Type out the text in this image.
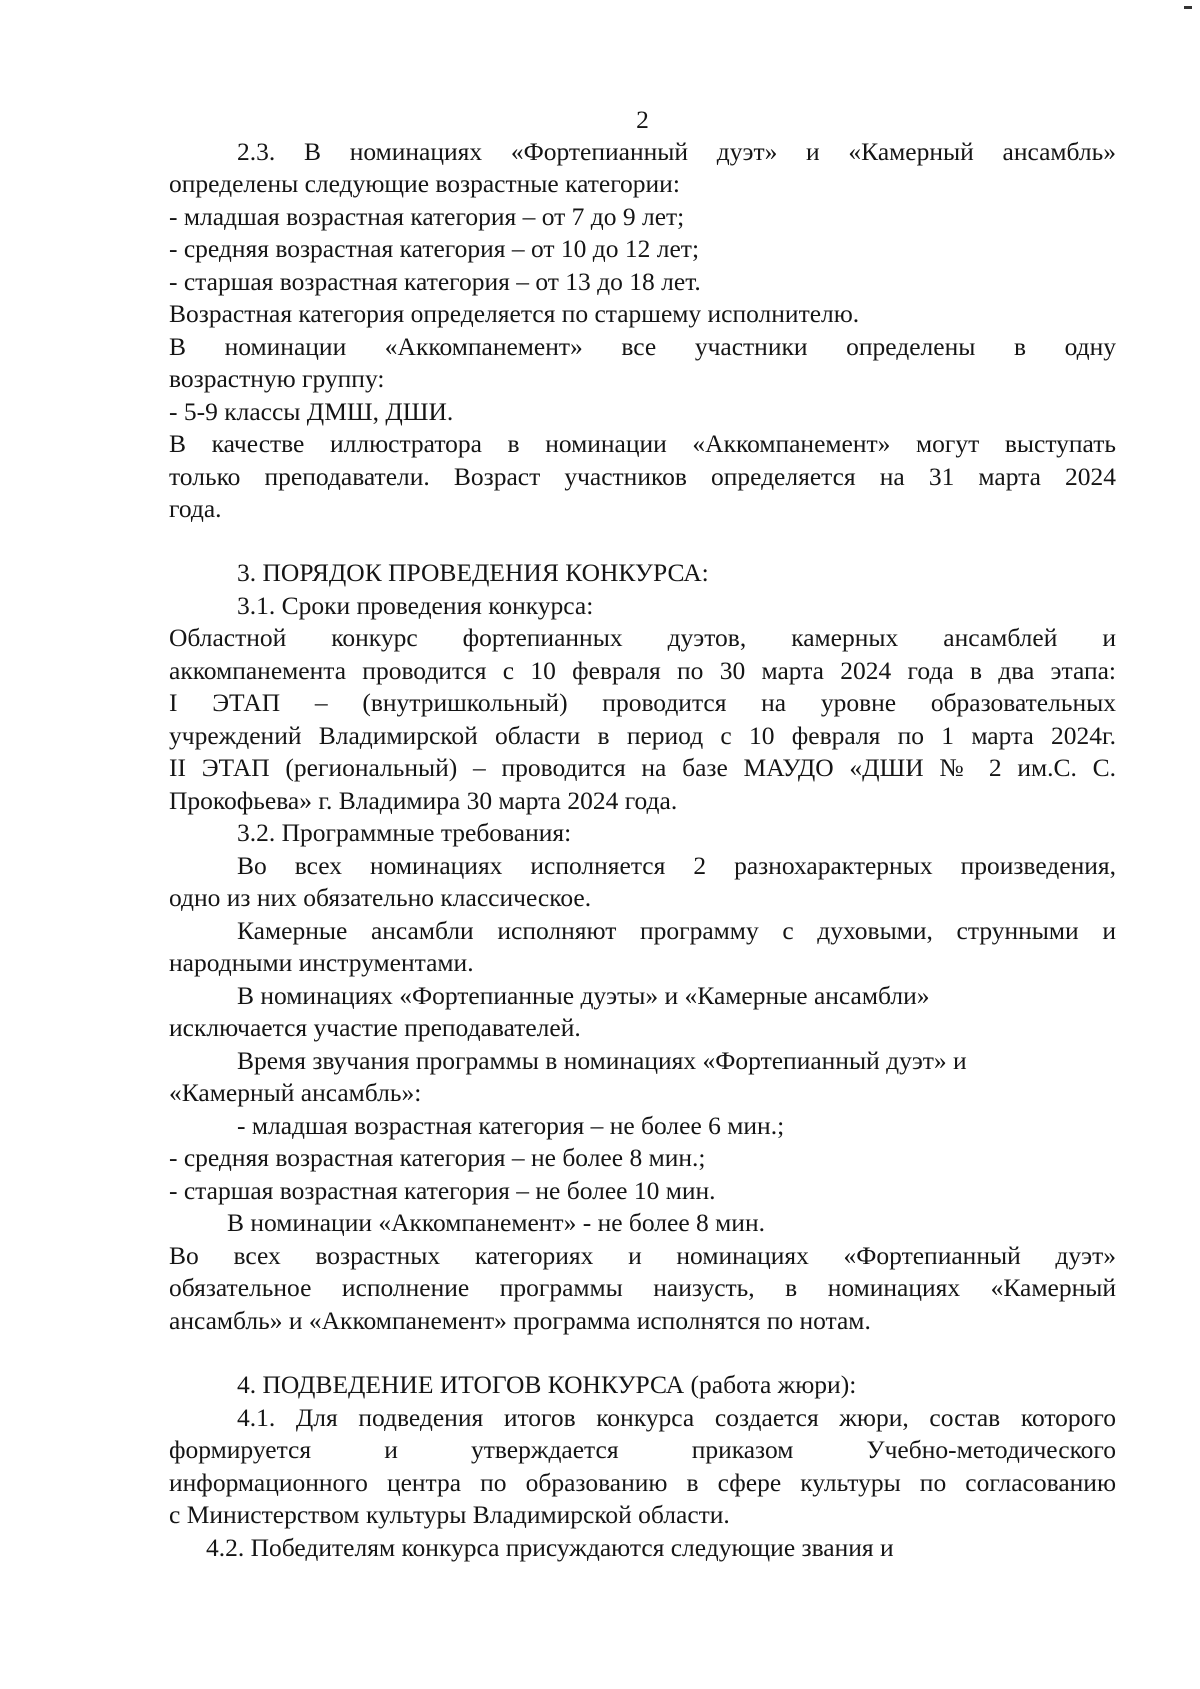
2
2.3. В номинациях «Фортепианный дуэт» и «Камерный ансамбль»
определены следующие возрастные категории:
- младшая возрастная категория – от 7 до 9 лет;
- средняя возрастная категория – от 10 до 12 лет;
- старшая возрастная категория – от 13 до 18 лет.
Возрастная категория определяется по старшему исполнителю.
В номинации «Аккомпанемент» все участники определены в одну
возрастную группу:
- 5-9 классы ДМШ, ДШИ.
В качестве иллюстратора в номинации «Аккомпанемент» могут выступать
только преподаватели. Возраст участников определяется на 31 марта 2024
года.
3. ПОРЯДОК ПРОВЕДЕНИЯ КОНКУРСА:
3.1. Сроки проведения конкурса:
Областной конкурс фортепианных дуэтов, камерных ансамблей и
аккомпанемента проводится с 10 февраля по 30 марта 2024 года в два этапа:
I ЭТАП – (внутришкольный) проводится на уровне образовательных
учреждений Владимирской области в период с 10 февраля по 1 марта 2024г.
II ЭТАП (региональный) – проводится на базе МАУДО «ДШИ № 2 им.С. С.
Прокофьева» г. Владимира 30 марта 2024 года.
3.2. Программные требования:
Во всех номинациях исполняется 2 разнохарактерных произведения,
одно из них обязательно классическое.
Камерные ансамбли исполняют программу с духовыми, струнными и
народными инструментами.
В номинациях «Фортепианные дуэты» и «Камерные ансамбли»
исключается участие преподавателей.
Время звучания программы в номинациях «Фортепианный дуэт» и
«Камерный ансамбль»:
- младшая возрастная категория – не более 6 мин.;
- средняя возрастная категория – не более 8 мин.;
- старшая возрастная категория – не более 10 мин.
В номинации «Аккомпанемент» - не более 8 мин.
Во всех возрастных категориях и номинациях «Фортепианный дуэт»
обязательное исполнение программы наизусть, в номинациях «Камерный
ансамбль» и «Аккомпанемент» программа исполнятся по нотам.
4. ПОДВЕДЕНИЕ ИТОГОВ КОНКУРСА (работа жюри):
4.1. Для подведения итогов конкурса создается жюри, состав которого
формируется и утверждается приказом Учебно-методического
информационного центра по образованию в сфере культуры по согласованию
с Министерством культуры Владимирской области.
4.2. Победителям конкурса присуждаются следующие звания и
